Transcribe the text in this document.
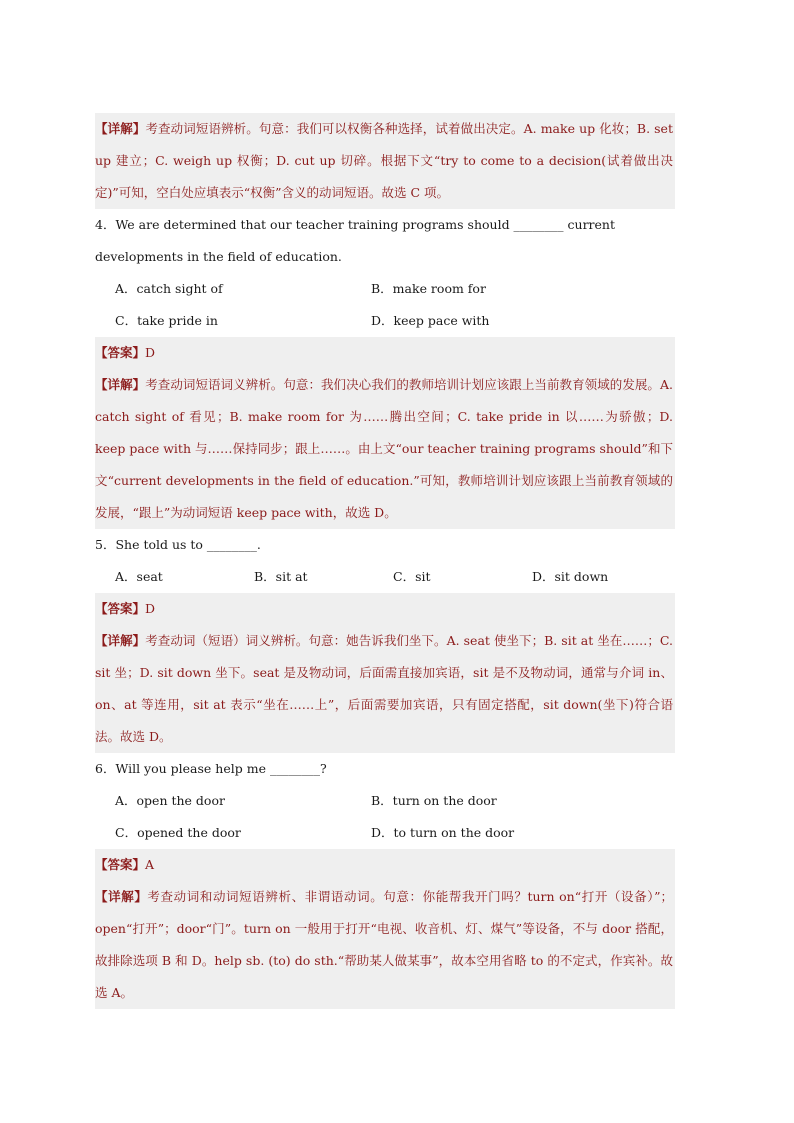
【详解】考查动词短语辨析。句意：我们可以权衡各种选择，试着做出决定。A. make up 化妆；B. set up 建立；C. weigh up 权衡；D. cut up 切碎。根据下文“try to come to a decision(试着做出决定)”可知，空白处应填表示“权衡”含义的动词短语。故选 C 项。

4．We are determined that our teacher training programs should ________ current developments in the field of education.

A．catch sight of	B．make room for
C．take pride in	D．keep pace with

【答案】D

【详解】考查动词短语词义辨析。句意：我们决心我们的教师培训计划应该跟上当前教育领域的发展。A. catch sight of 看见；B. make room for 为……腾出空间；C. take pride in 以……为骄傲；D. keep pace with 与……保持同步；跟上……。由上文“our teacher training programs should”和下文“current developments in the field of education.”可知，教师培训计划应该跟上当前教育领域的发展，“跟上”为动词短语 keep pace with，故选 D。

5．She told us to ________.

A．seat	B．sit at	C．sit	D．sit down

【答案】D

【详解】考查动词（短语）词义辨析。句意：她告诉我们坐下。A. seat 使坐下；B. sit at 坐在……；C. sit 坐；D. sit down 坐下。seat 是及物动词，后面需直接加宾语，sit 是不及物动词，通常与介词 in、on、at 等连用，sit at 表示“坐在……上”，后面需要加宾语，只有固定搭配，sit down(坐下)符合语法。故选 D。

6．Will you please help me ________?

A．open the door	B．turn on the door
C．opened the door	D．to turn on the door

【答案】A

【详解】考查动词和动词短语辨析、非谓语动词。句意：你能帮我开门吗？turn on“打开（设备）”；open“打开”；door“门”。turn on 一般用于打开“电视、收音机、灯、煤气”等设备，不与 door 搭配，故排除选项 B 和 D。help sb. (to) do sth.“帮助某人做某事”，故本空用省略 to 的不定式，作宾补。故选 A。
